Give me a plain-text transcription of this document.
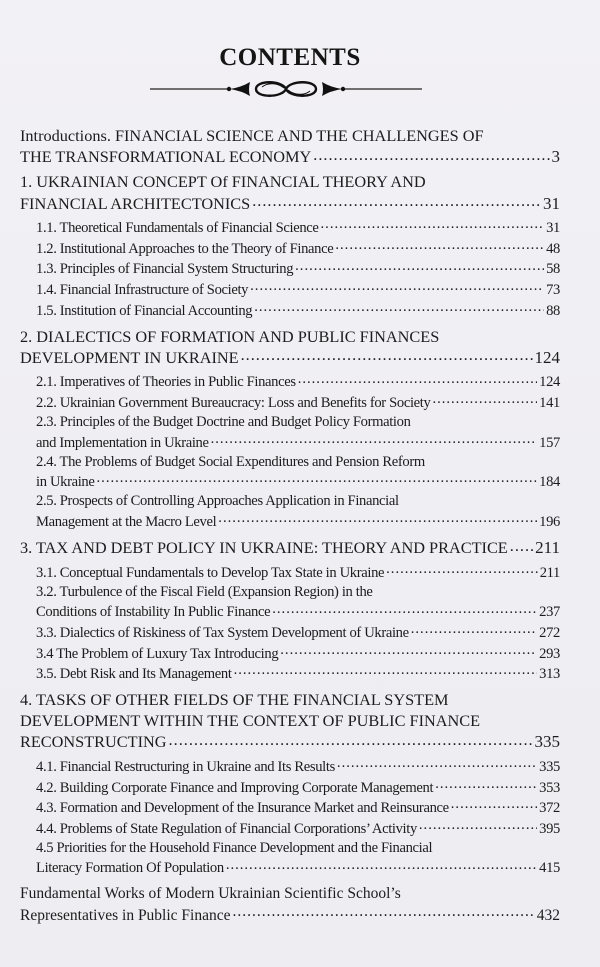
CONTENTS
Introductions. FINANCIAL SCIENCE AND THE CHALLENGES OF
THE TRANSFORMATIONAL ECONOMY .....	3
1. UKRAINIAN CONCEPT Of FINANCIAL THEORY AND
FINANCIAL ARCHITECTONICS .....	31
1.1. Theoretical Fundamentals of Financial Science .....	31
1.2. Institutional Approaches to the Theory of Finance .....	48
1.3. Principles of Financial System Structuring .....	58
1.4. Financial Infrastructure of Society .....	73
1.5. Institution of Financial Accounting .....	88
2. DIALECTICS OF FORMATION AND PUBLIC FINANCES
DEVELOPMENT IN UKRAINE .....	124
2.1. Imperatives of Theories in Public Finances .....	124
2.2. Ukrainian Government Bureaucracy: Loss and Benefits for Society .....	141
2.3. Principles of the Budget Doctrine and Budget Policy Formation
and Implementation in Ukraine .....	157
2.4. The Problems of Budget Social Expenditures and Pension Reform
in Ukraine .....	184
2.5. Prospects of Controlling Approaches Application in Financial
Management at the Macro Level .....	196
3. TAX AND DEBT POLICY IN UKRAINE: THEORY AND PRACTICE ..... 211
3.1. Conceptual Fundamentals to Develop Tax State in Ukraine .....	211
3.2. Turbulence of the Fiscal Field (Expansion Region) in the
Conditions of Instability In Public Finance .....	237
3.3. Dialectics of Riskiness of Tax System Development of Ukraine .....	272
3.4 The Problem of Luxury Tax Introducing .....	293
3.5. Debt Risk and Its Management .....	313
4. TASKS OF OTHER FIELDS OF THE FINANCIAL SYSTEM
DEVELOPMENT WITHIN THE CONTEXT OF PUBLIC FINANCE
RECONSTRUCTING .....	335
4.1. Financial Restructuring in Ukraine and Its Results .....	335
4.2. Building Corporate Finance and Improving Corporate Management .....	353
4.3. Formation and Development of the Insurance Market and Reinsurance .....	372
4.4. Problems of State Regulation of Financial Corporations’ Activity .....	395
4.5 Priorities for the Household Finance Development and the Financial
Literacy Formation Of Population .....	415
Fundamental Works of Modern Ukrainian Scientific School’s
Representatives in Public Finance .....	432
